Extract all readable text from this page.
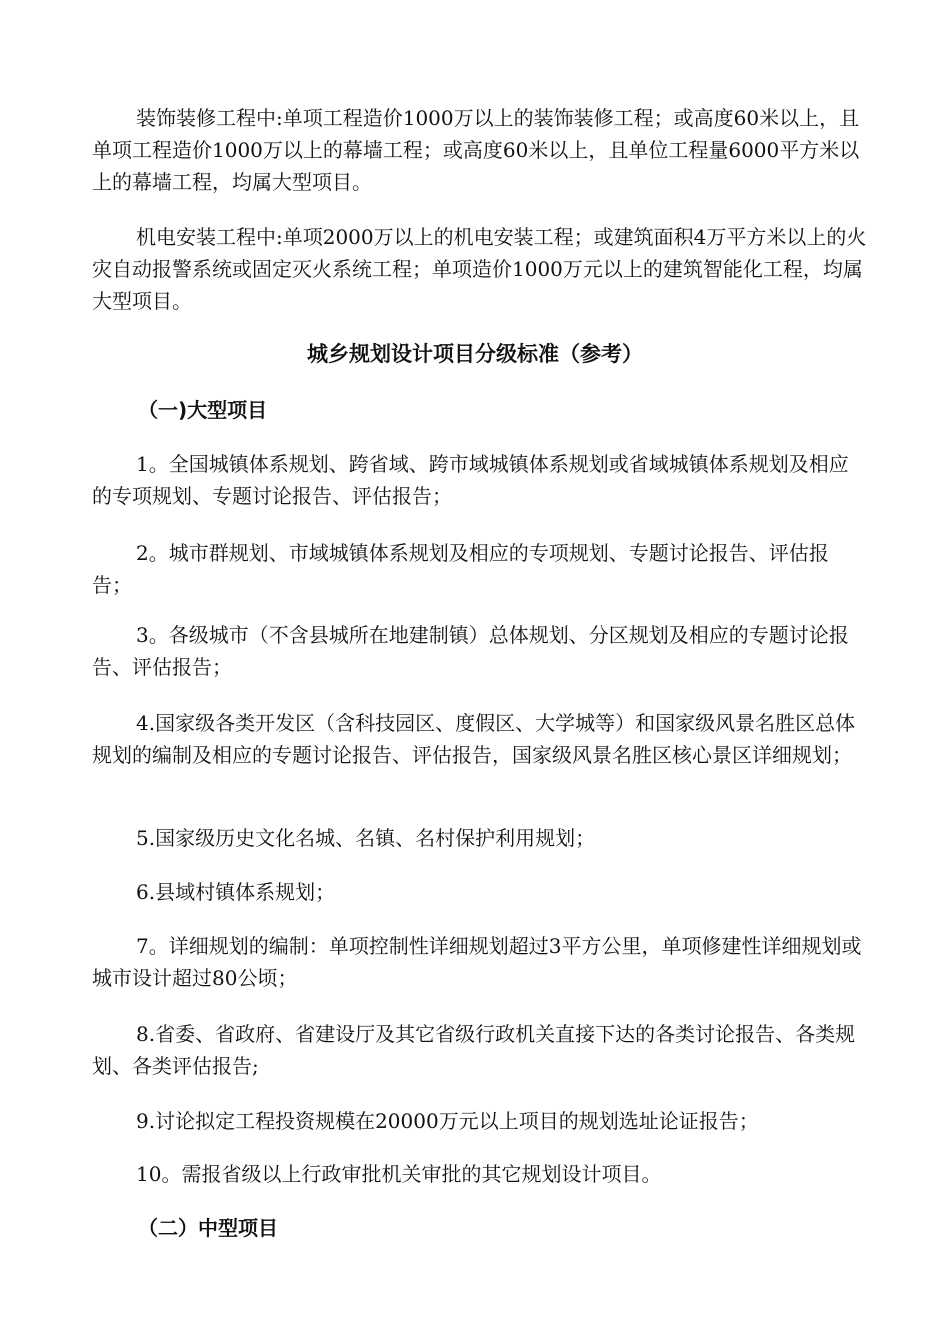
装饰装修工程中:单项工程造价1000万以上的装饰装修工程；或高度60米以上，且单项工程造价1000万以上的幕墙工程；或高度60米以上，且单位工程量6000平方米以上的幕墙工程，均属大型项目。

机电安装工程中:单项2000万以上的机电安装工程；或建筑面积4万平方米以上的火灾自动报警系统或固定灭火系统工程；单项造价1000万元以上的建筑智能化工程，均属大型项目。

城乡规划设计项目分级标准（参考）
（一)大型项目

1。全国城镇体系规划、跨省域、跨市域城镇体系规划或省域城镇体系规划及相应的专项规划、专题讨论报告、评估报告；

2。城市群规划、市域城镇体系规划及相应的专项规划、专题讨论报告、评估报告；

3。各级城市（不含县城所在地建制镇）总体规划、分区规划及相应的专题讨论报告、评估报告；

4.国家级各类开发区（含科技园区、度假区、大学城等）和国家级风景名胜区总体规划的编制及相应的专题讨论报告、评估报告，国家级风景名胜区核心景区详细规划；

5.国家级历史文化名城、名镇、名村保护利用规划；

6.县域村镇体系规划；

7。详细规划的编制：单项控制性详细规划超过3平方公里，单项修建性详细规划或城市设计超过80公顷；

8.省委、省政府、省建设厅及其它省级行政机关直接下达的各类讨论报告、各类规划、各类评估报告;

9.讨论拟定工程投资规模在20000万元以上项目的规划选址论证报告；

10。需报省级以上行政审批机关审批的其它规划设计项目。

（二）中型项目
